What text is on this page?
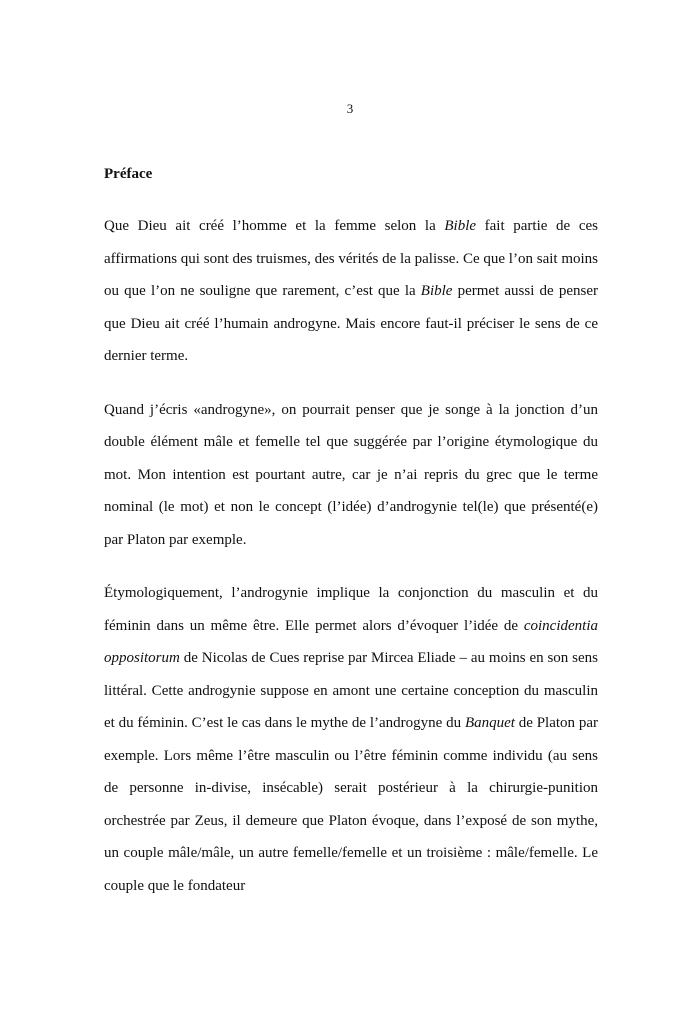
3
Préface

Que Dieu ait créé l’homme et la femme selon la Bible fait partie de ces affirmations qui sont des truismes, des vérités de la palisse. Ce que l’on sait moins ou que l’on ne souligne que rarement, c’est que la Bible permet aussi de penser que Dieu ait créé l’humain androgyne. Mais encore faut-il préciser le sens de ce dernier terme.

Quand j’écris «androgyne», on pourrait penser que je songe à la jonction d’un double élément mâle et femelle tel que suggérée par l’origine étymologique du mot. Mon intention est pourtant autre, car je n’ai repris du grec que le terme nominal (le mot) et non le concept (l’idée) d’androgynie tel(le) que présenté(e) par Platon par exemple.

Étymologiquement, l’androgynie implique la conjonction du masculin et du féminin dans un même être. Elle permet alors d’évoquer l’idée de coincidentia oppositorum de Nicolas de Cues reprise par Mircea Eliade – au moins en son sens littéral. Cette androgynie suppose en amont une certaine conception du masculin et du féminin. C’est le cas dans le mythe de l’androgyne du Banquet de Platon par exemple. Lors même l’être masculin ou l’être féminin comme individu (au sens de personne in-divise, insécable) serait postérieur à la chirurgie-punition orchestrée par Zeus, il demeure que Platon évoque, dans l’exposé de son mythe, un couple mâle/mâle, un autre femelle/femelle et un troisième : mâle/femelle. Le couple que le fondateur
